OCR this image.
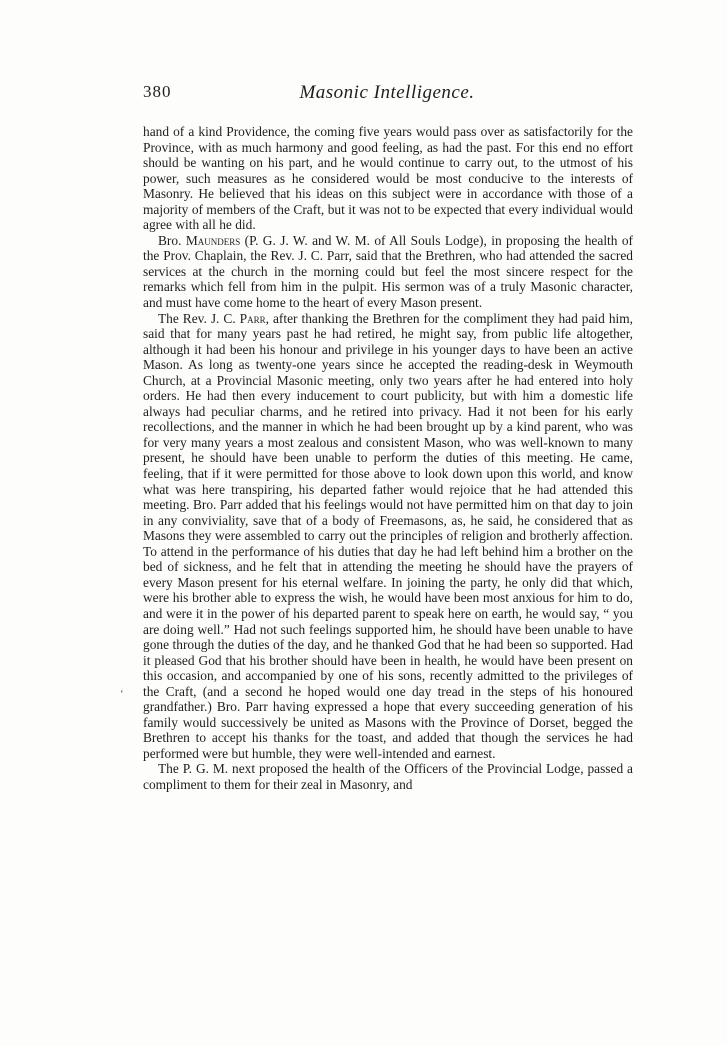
380	Masonic Intelligence.

hand of a kind Providence, the coming five years would pass over as satisfactorily for the Province, with as much harmony and good feeling, as had the past. For this end no effort should be wanting on his part, and he would continue to carry out, to the utmost of his power, such measures as he considered would be most conducive to the interests of Masonry. He believed that his ideas on this subject were in accordance with those of a majority of members of the Craft, but it was not to be expected that every individual would agree with all he did.

Bro. Maunders (P. G. J. W. and W. M. of All Souls Lodge), in proposing the health of the Prov. Chaplain, the Rev. J. C. Parr, said that the Brethren, who had attended the sacred services at the church in the morning could but feel the most sincere respect for the remarks which fell from him in the pulpit. His sermon was of a truly Masonic character, and must have come home to the heart of every Mason present.

The Rev. J. C. Parr, after thanking the Brethren for the compliment they had paid him, said that for many years past he had retired, he might say, from public life altogether, although it had been his honour and privilege in his younger days to have been an active Mason. As long as twenty-one years since he accepted the reading-desk in Weymouth Church, at a Provincial Masonic meeting, only two years after he had entered into holy orders. He had then every inducement to court publicity, but with him a domestic life always had peculiar charms, and he retired into privacy. Had it not been for his early recollections, and the manner in which he had been brought up by a kind parent, who was for very many years a most zealous and consistent Mason, who was well-known to many present, he should have been unable to perform the duties of this meeting. He came, feeling, that if it were permitted for those above to look down upon this world, and know what was here transpiring, his departed father would rejoice that he had attended this meeting. Bro. Parr added that his feelings would not have permitted him on that day to join in any conviviality, save that of a body of Freemasons, as, he said, he considered that as Masons they were assembled to carry out the principles of religion and brotherly affection. To attend in the performance of his duties that day he had left behind him a brother on the bed of sickness, and he felt that in attending the meeting he should have the prayers of every Mason present for his eternal welfare. In joining the party, he only did that which, were his brother able to express the wish, he would have been most anxious for him to do, and were it in the power of his departed parent to speak here on earth, he would say, “ you are doing well.” Had not such feelings supported him, he should have been unable to have gone through the duties of the day, and he thanked God that he had been so supported. Had it pleased God that his brother should have been in health, he would have been present on this occasion, and accompanied by one of his sons, recently admitted to the privileges of the Craft, (and a second he hoped would one day tread in the steps of his honoured grandfather.) Bro. Parr having expressed a hope that every succeeding generation of his family would successively be united as Masons with the Province of Dorset, begged the Brethren to accept his thanks for the toast, and added that though the services he had performed were but humble, they were well-intended and earnest.

The P. G. M. next proposed the health of the Officers of the Provincial Lodge, passed a compliment to them for their zeal in Masonry, and

‘
